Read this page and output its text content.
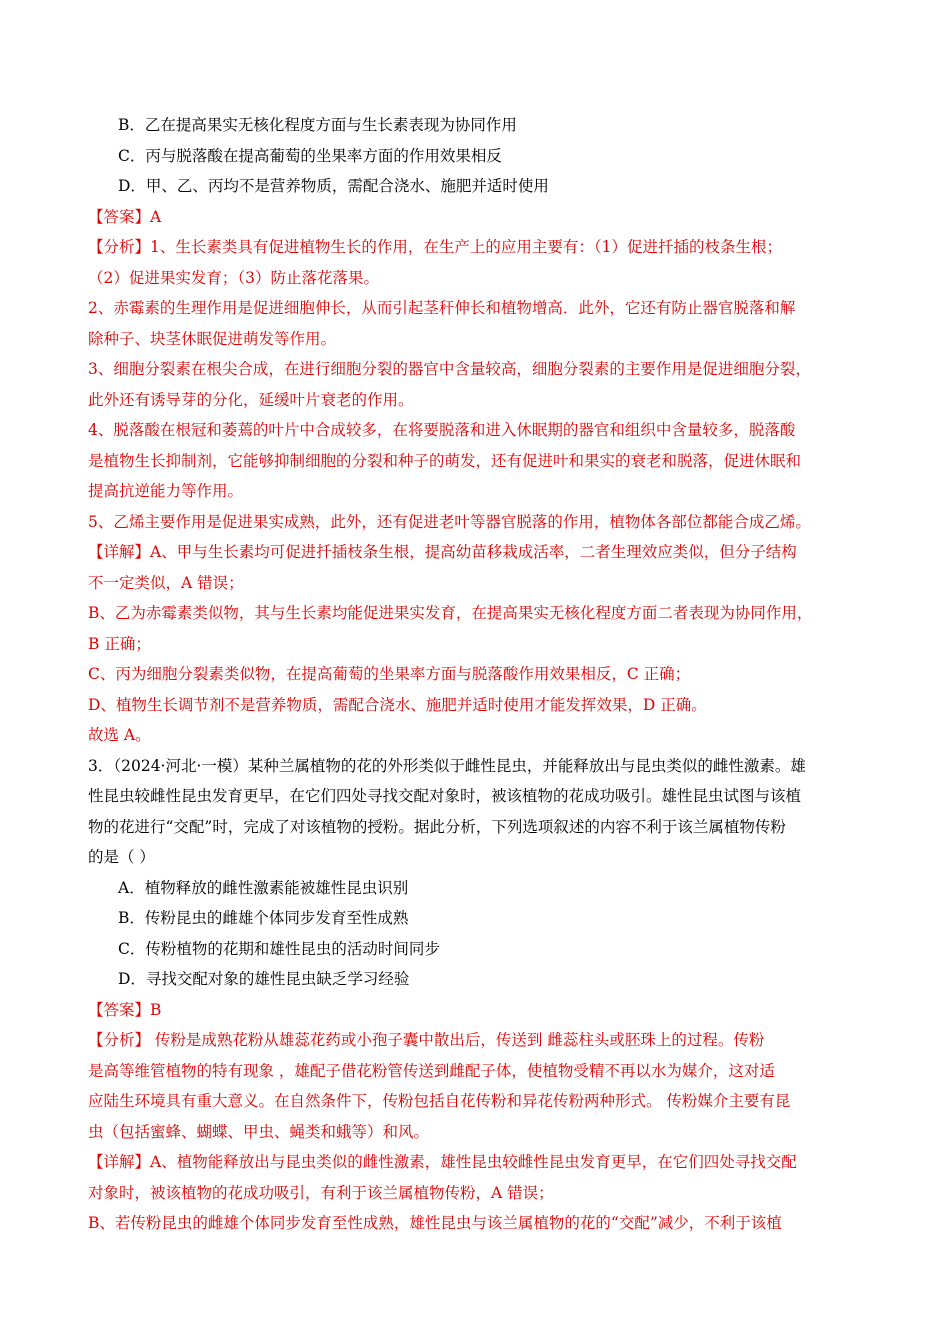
B．乙在提高果实无核化程度方面与生长素表现为协同作用
C．丙与脱落酸在提高葡萄的坐果率方面的作用效果相反
D．甲、乙、丙均不是营养物质，需配合浇水、施肥并适时使用
【答案】A
【分析】1、生长素类具有促进植物生长的作用，在生产上的应用主要有：（1）促进扦插的枝条生根；
（2）促进果实发育；（3）防止落花落果。
2、赤霉素的生理作用是促进细胞伸长，从而引起茎秆伸长和植物增高．此外，它还有防止器官脱落和解
除种子、块茎休眠促进萌发等作用。
3、细胞分裂素在根尖合成，在进行细胞分裂的器官中含量较高，细胞分裂素的主要作用是促进细胞分裂，
此外还有诱导芽的分化，延缓叶片衰老的作用。
4、脱落酸在根冠和萎蔫的叶片中合成较多，在将要脱落和进入休眠期的器官和组织中含量较多，脱落酸
是植物生长抑制剂，它能够抑制细胞的分裂和种子的萌发，还有促进叶和果实的衰老和脱落，促进休眠和
提高抗逆能力等作用。
5、乙烯主要作用是促进果实成熟，此外，还有促进老叶等器官脱落的作用，植物体各部位都能合成乙烯。
【详解】A、甲与生长素均可促进扦插枝条生根，提高幼苗移栽成活率，二者生理效应类似，但分子结构
不一定类似，A 错误；
B、乙为赤霉素类似物，其与生长素均能促进果实发育，在提高果实无核化程度方面二者表现为协同作用，
B 正确；
C、丙为细胞分裂素类似物，在提高葡萄的坐果率方面与脱落酸作用效果相反，C 正确；
D、植物生长调节剂不是营养物质，需配合浇水、施肥并适时使用才能发挥效果，D 正确。
故选 A。
3．（2024·河北·一模）某种兰属植物的花的外形类似于雌性昆虫，并能释放出与昆虫类似的雌性激素。雄
性昆虫较雌性昆虫发育更早，在它们四处寻找交配对象时，被该植物的花成功吸引。雄性昆虫试图与该植
物的花进行“交配”时，完成了对该植物的授粉。据此分析，下列选项叙述的内容不利于该兰属植物传粉
的是（ ）
A．植物释放的雌性激素能被雄性昆虫识别
B．传粉昆虫的雌雄个体同步发育至性成熟
C．传粉植物的花期和雄性昆虫的活动时间同步
D．寻找交配对象的雄性昆虫缺乏学习经验
【答案】B
【分析】 传粉是成熟花粉从雄蕊花药或小孢子囊中散出后，传送到 雌蕊柱头或胚珠上的过程。传粉
是高等维管植物的特有现象 ，雄配子借花粉管传送到雌配子体，使植物受精不再以水为媒介，这对适
应陆生环境具有重大意义。在自然条件下，传粉包括自花传粉和异花传粉两种形式。 传粉媒介主要有昆
虫（包括蜜蜂、蝴蝶、甲虫、蝇类和蛾等）和风。
【详解】A、植物能释放出与昆虫类似的雌性激素，雄性昆虫较雌性昆虫发育更早，在它们四处寻找交配
对象时，被该植物的花成功吸引，有利于该兰属植物传粉，A 错误；
B、若传粉昆虫的雌雄个体同步发育至性成熟，雄性昆虫与该兰属植物的花的“交配”减少，不利于该植
